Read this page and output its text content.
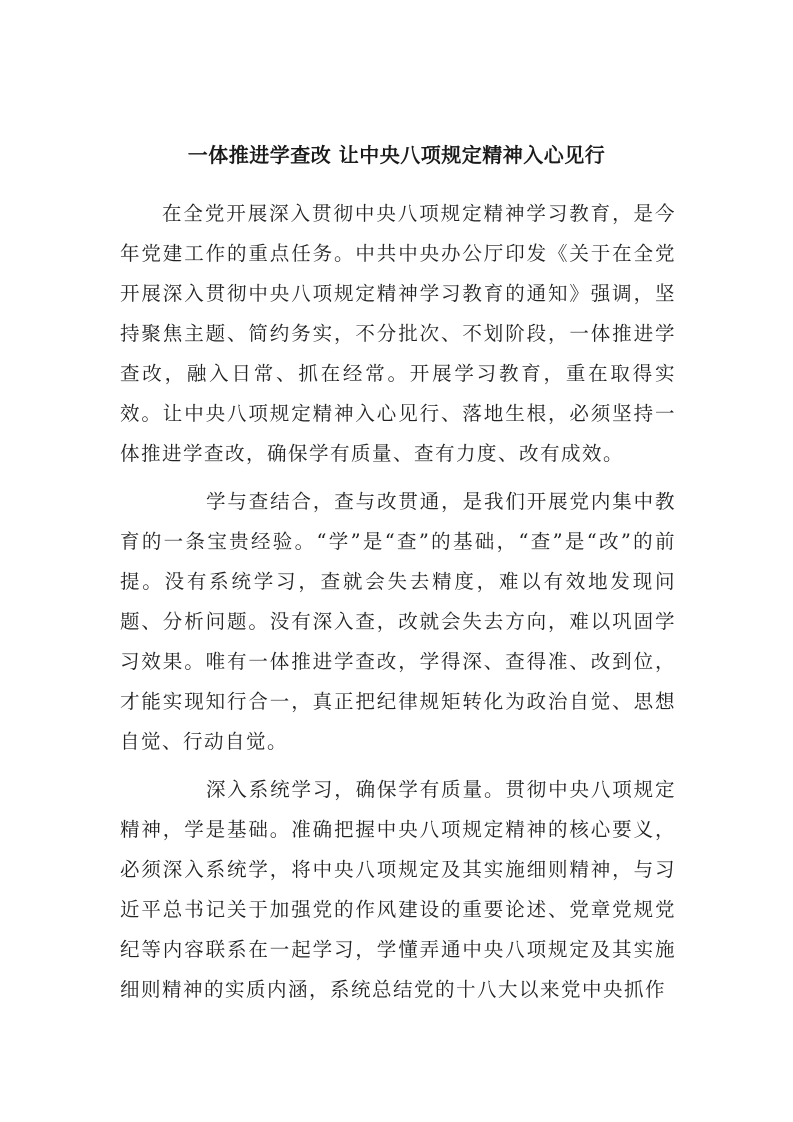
一体推进学查改 让中央八项规定精神入心见行

在全党开展深入贯彻中央八项规定精神学习教育，是今年党建工作的重点任务。中共中央办公厅印发《关于在全党开展深入贯彻中央八项规定精神学习教育的通知》强调，坚持聚焦主题、简约务实，不分批次、不划阶段，一体推进学查改，融入日常、抓在经常。开展学习教育，重在取得实效。让中央八项规定精神入心见行、落地生根，必须坚持一体推进学查改，确保学有质量、查有力度、改有成效。

学与查结合，查与改贯通，是我们开展党内集中教育的一条宝贵经验。“学”是“查”的基础，“查”是“改”的前提。没有系统学习，查就会失去精度，难以有效地发现问题、分析问题。没有深入查，改就会失去方向，难以巩固学习效果。唯有一体推进学查改，学得深、查得准、改到位，才能实现知行合一，真正把纪律规矩转化为政治自觉、思想自觉、行动自觉。

深入系统学习，确保学有质量。贯彻中央八项规定精神，学是基础。准确把握中央八项规定精神的核心要义，必须深入系统学，将中央八项规定及其实施细则精神，与习近平总书记关于加强党的作风建设的重要论述、党章党规党纪等内容联系在一起学习，学懂弄通中央八项规定及其实施细则精神的实质内涵，系统总结党的十八大以来党中央抓作
